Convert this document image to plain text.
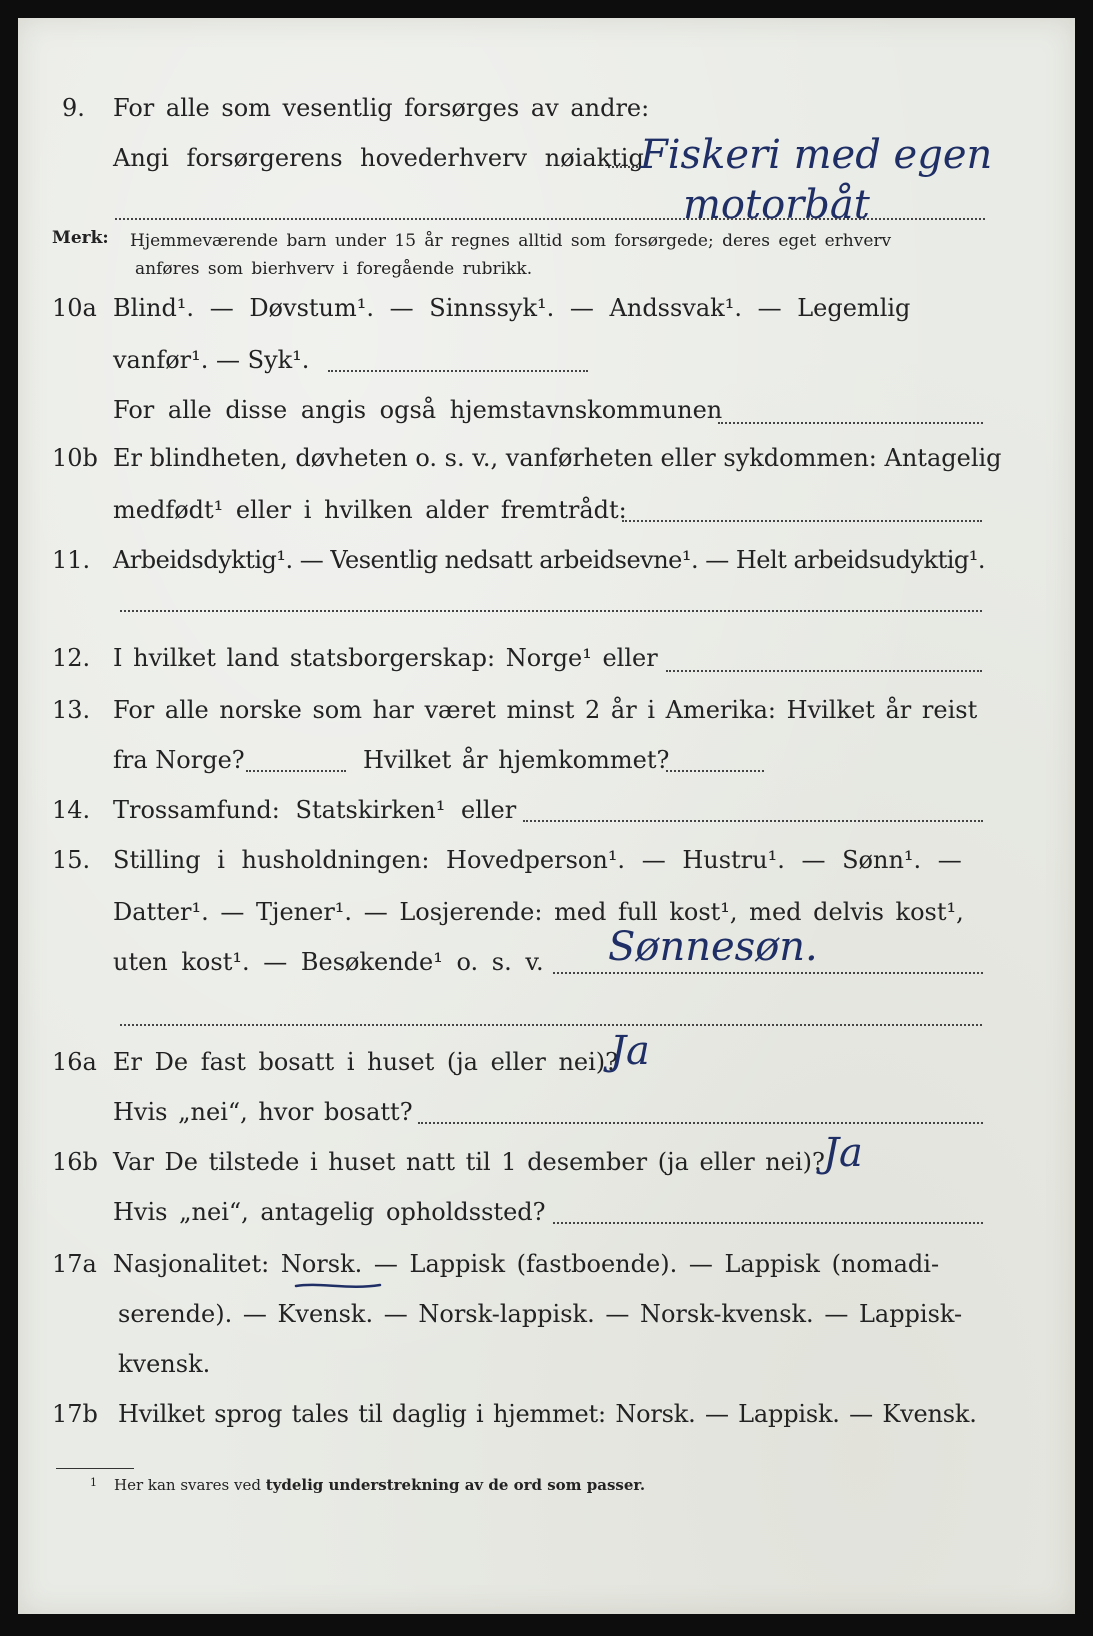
9. For alle som vesentlig forsørges av andre:

Angi forsørgerens hovederhverv nøiaktig

Fiskeri med egen
motorbåt
Merk: Hjemmeværende barn under 15 år regnes alltid som forsørgede; deres eget erhverv

anføres som bierhverv i foregående rubrikk.

10a Blind¹. — Døvstum¹. — Sinnssyk¹. — Andssvak¹. — Legemlig

vanfør¹. — Syk¹.

For alle disse angis også hjemstavnskommunen

10b Er blindheten, døvheten o. s. v., vanførheten eller sykdommen: Antagelig

medfødt¹ eller i hvilken alder fremtrådt:

11. Arbeidsdyktig¹. — Vesentlig nedsatt arbeidsevne¹. — Helt arbeidsudyktig¹.

12. I hvilket land statsborgerskap: Norge¹ eller

13. For alle norske som har været minst 2 år i Amerika: Hvilket år reist

fra Norge?	Hvilket år hjemkommet?

14. Trossamfund: Statskirken¹ eller

15. Stilling i husholdningen: Hovedperson¹. — Hustru¹. — Sønn¹. —

Datter¹. — Tjener¹. — Losjerende: med full kost¹, med delvis kost¹,

uten kost¹. — Besøkende¹ o. s. v. Sønnesøn.
16a Er De fast bosatt i huset (ja eller nei)?

Ja

Hvis „nei“, hvor bosatt?

16b Var De tilstede i huset natt til 1 desember (ja eller nei)?

Ja

Hvis „nei“, antagelig opholdssted?

17a Nasjonalitet: Norsk. — Lappisk (fastboende). — Lappisk (nomadi-

serende). — Kvensk. — Norsk-lappisk. — Norsk-kvensk. — Lappisk-

kvensk.

17b Hvilket sprog tales til daglig i hjemmet: Norsk. — Lappisk. — Kvensk.

1 Her kan svares ved tydelig understrekning av de ord som passer.
